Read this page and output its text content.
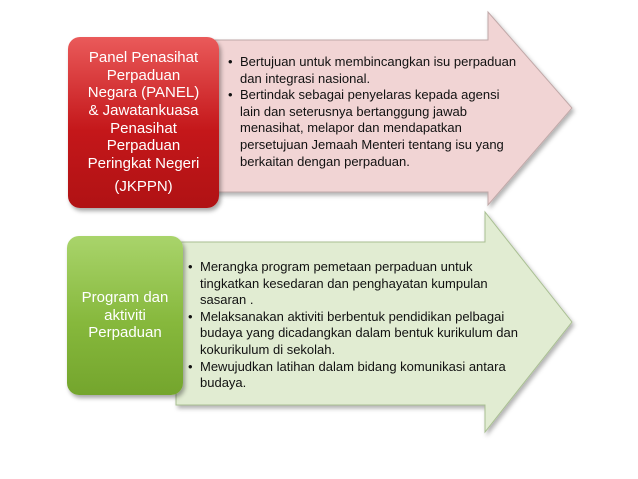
Panel Penasihat
Perpaduan
Negara (PANEL)
& Jawatankuasa
Penasihat
Perpaduan
Peringkat Negeri
(JKPPN)
• Bertujuan untuk membincangkan isu perpaduan dan integrasi nasional.
• Bertindak sebagai penyelaras kepada agensi lain dan seterusnya bertanggung jawab menasihat, melapor dan mendapatkan persetujuan Jemaah Menteri tentang isu yang berkaitan dengan perpaduan.
Program dan
aktiviti
Perpaduan
• Merangka program pemetaan perpaduan untuk tingkatkan kesedaran dan penghayatan kumpulan sasaran .
• Melaksanakan aktiviti berbentuk pendidikan pelbagai budaya yang dicadangkan dalam bentuk kurikulum dan kokurikulum di sekolah.
• Mewujudkan latihan dalam bidang komunikasi antara budaya.
